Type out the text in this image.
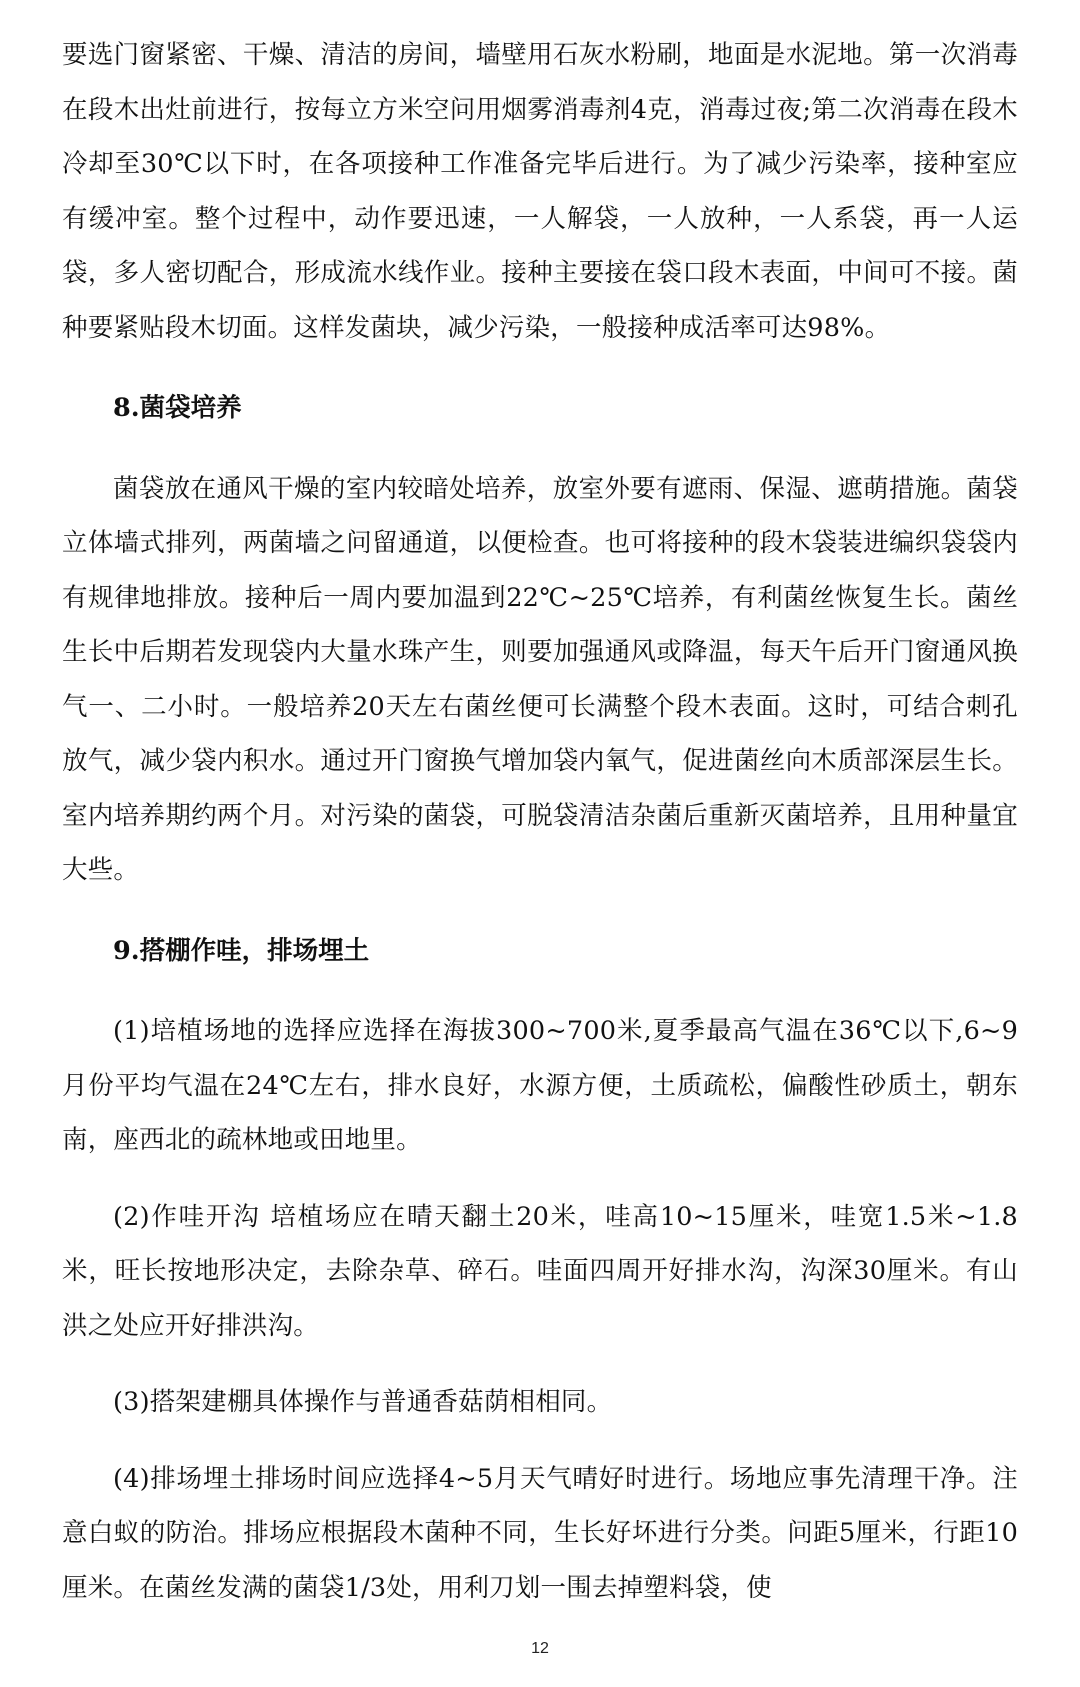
要选门窗紧密、干燥、清洁的房间，墙壁用石灰水粉刷，地面是水泥地。第一次消毒在段木出灶前进行，按每立方米空问用烟雾消毒剂4克，消毒过夜;第二次消毒在段木冷却至30℃以下时，在各项接种工作准备完毕后进行。为了减少污染率，接种室应有缓冲室。整个过程中，动作要迅速，一人解袋，一人放种，一人系袋，再一人运袋，多人密切配合，形成流水线作业。接种主要接在袋口段木表面，中间可不接。菌种要紧贴段木切面。这样发菌块，减少污染，一般接种成活率可达98%。

8.菌袋培养

菌袋放在通风干燥的室内较暗处培养，放室外要有遮雨、保湿、遮萌措施。菌袋立体墙式排列，两菌墙之问留通道，以便检查。也可将接种的段木袋装进编织袋袋内有规律地排放。接种后一周内要加温到22℃~25℃培养，有利菌丝恢复生长。菌丝生长中后期若发现袋内大量水珠产生，则要加强通风或降温，每天午后开门窗通风换气一、二小时。一般培养20天左右菌丝便可长满整个段木表面。这时，可结合刺孔放气，减少袋内积水。通过开门窗换气增加袋内氧气，促进菌丝向木质部深层生长。室内培养期约两个月。对污染的菌袋，可脱袋清洁杂菌后重新灭菌培养，且用种量宜大些。

9.搭棚作哇，排场埋土

(1)培植场地的选择应选择在海拔300~700米,夏季最高气温在36℃以下,6~9月份平均气温在24℃左右，排水良好，水源方便，土质疏松，偏酸性砂质土，朝东南，座西北的疏林地或田地里。

(2)作哇开沟 培植场应在晴天翻土20米，哇高10~15厘米，哇宽1.5米~1.8米，旺长按地形决定，去除杂草、碎石。哇面四周开好排水沟，沟深30厘米。有山洪之处应开好排洪沟。

(3)搭架建棚具体操作与普通香菇荫相相同。

(4)排场埋土排场时间应选择4~5月天气晴好时进行。场地应事先清理干净。注意白蚁的防治。排场应根据段木菌种不同，生长好坏进行分类。问距5厘米，行距10厘米。在菌丝发满的菌袋1/3处，用利刀划一围去掉塑料袋，使

12
